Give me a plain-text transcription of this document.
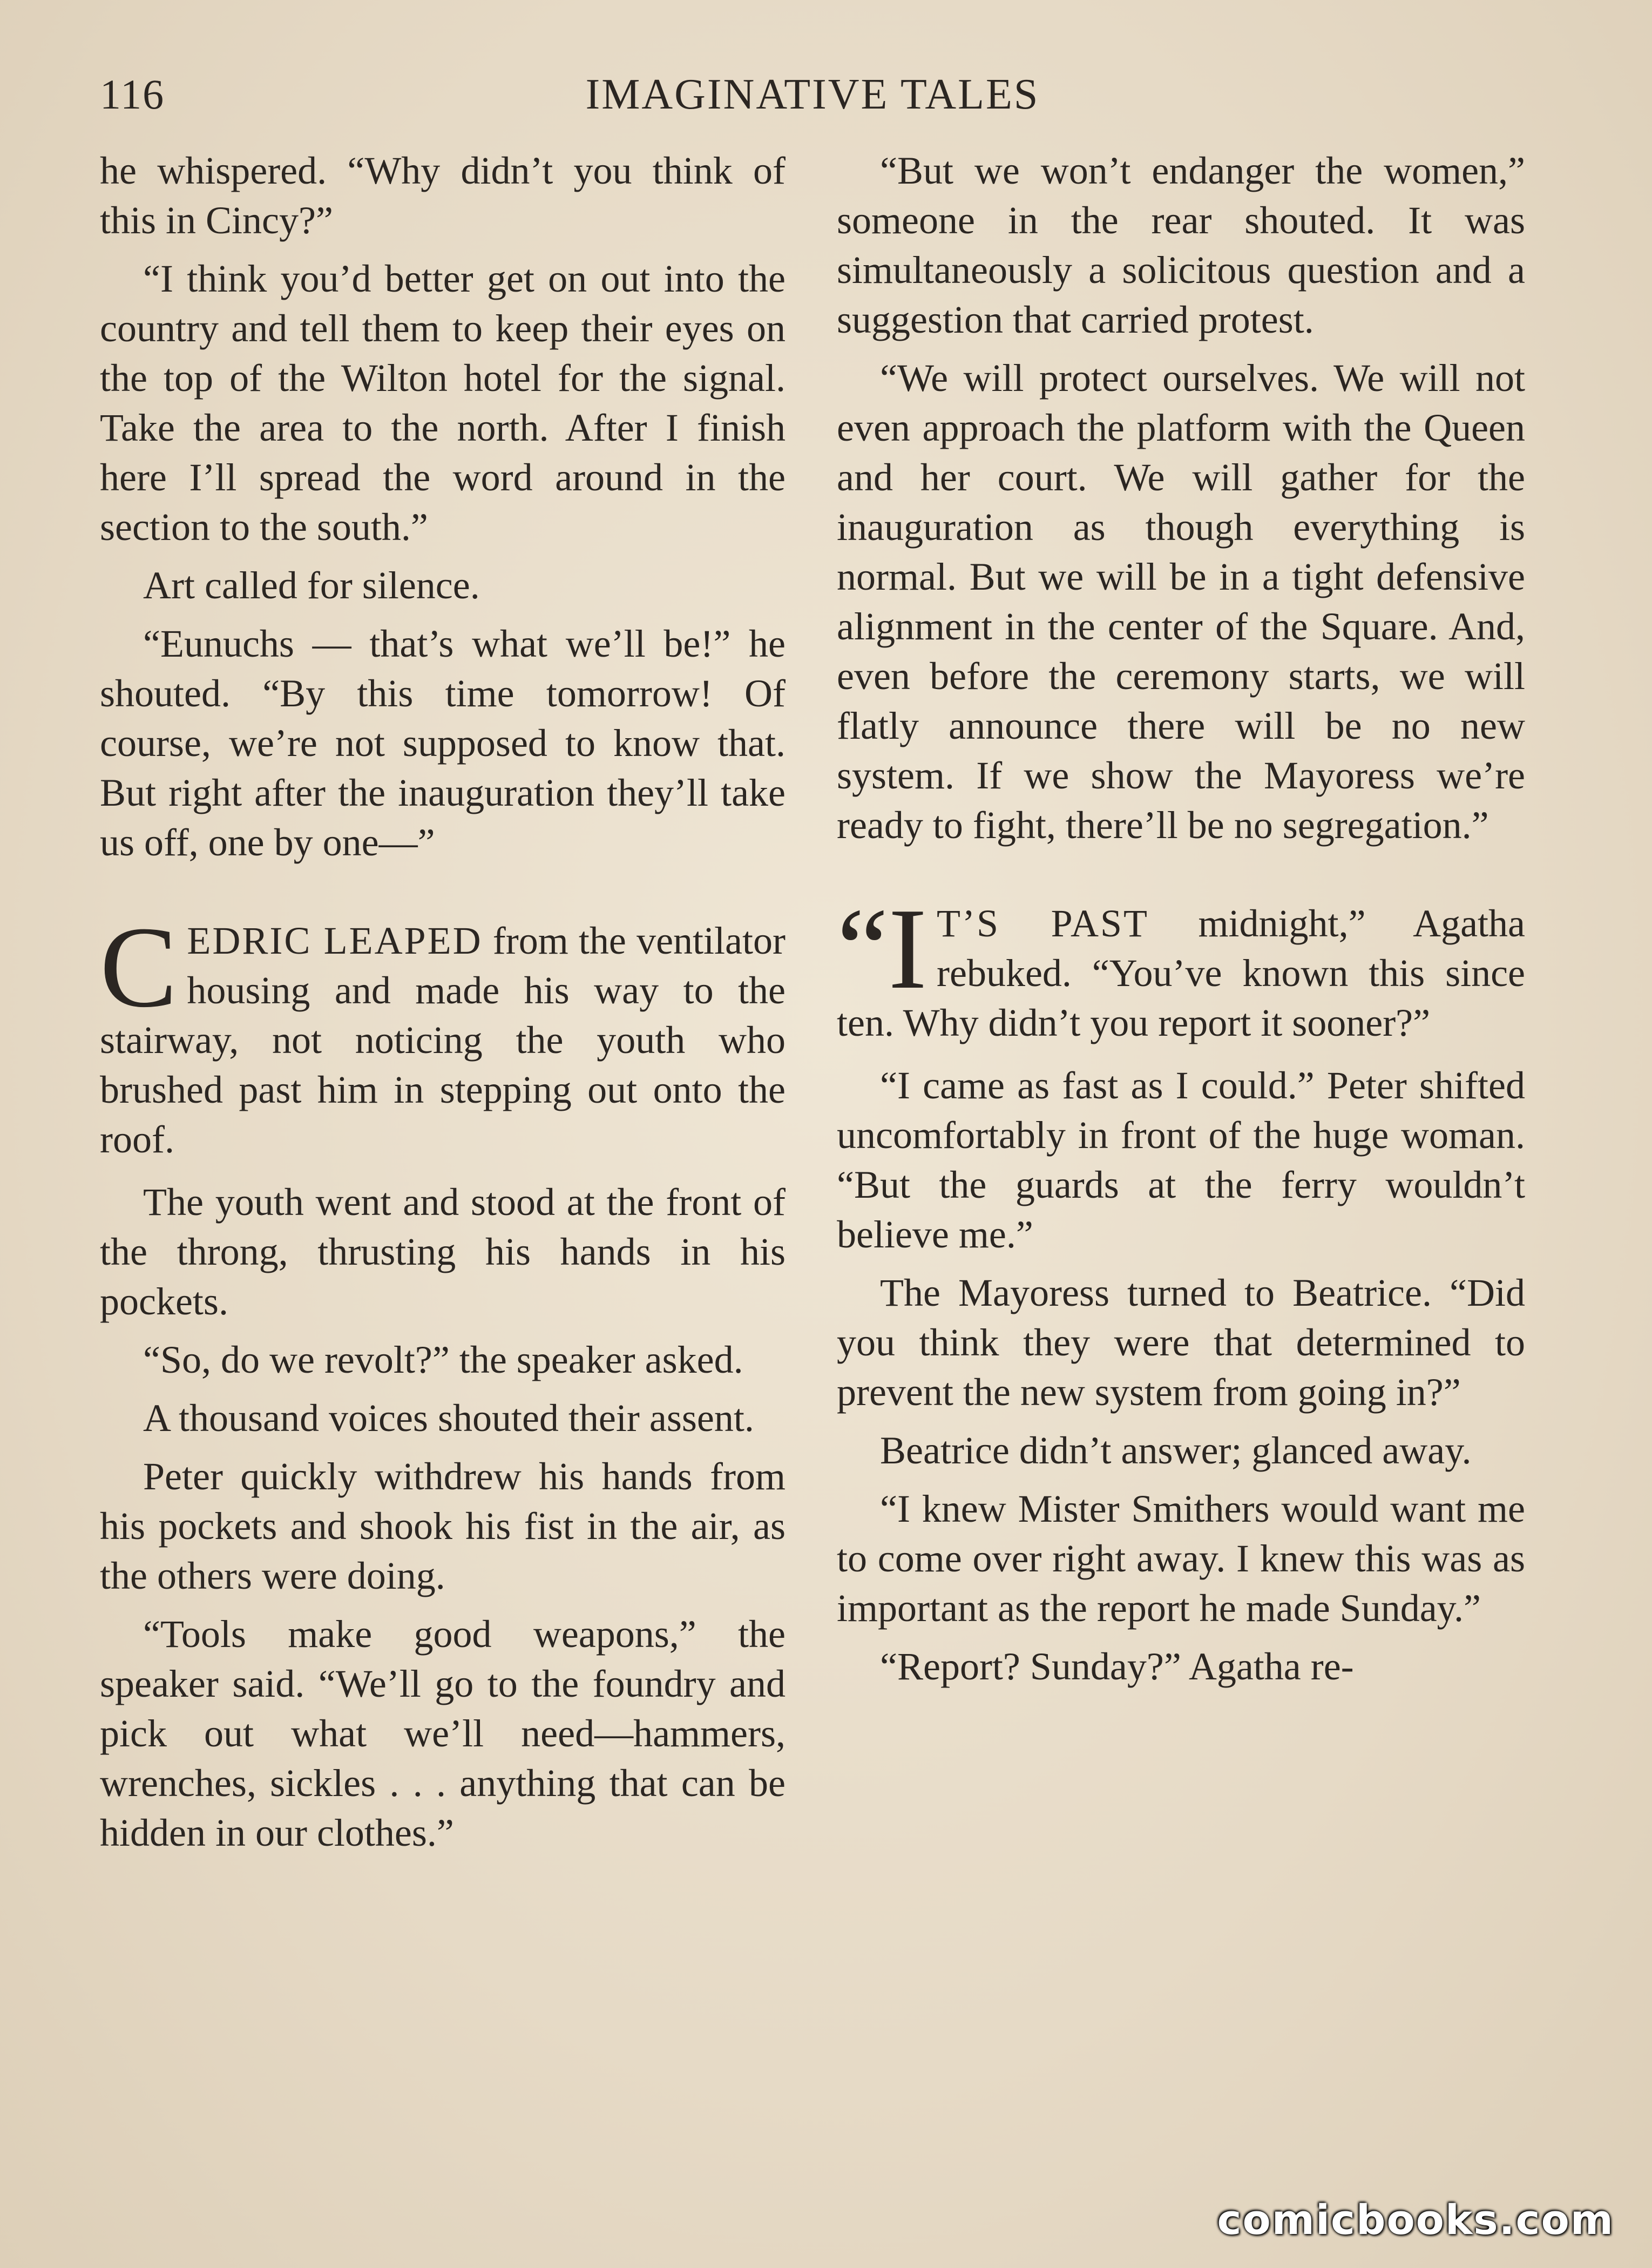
116	IMAGINATIVE TALES

he whispered. “Why didn’t you think of this in Cincy?”

“I think you’d better get on out into the country and tell them to keep their eyes on the top of the Wilton hotel for the signal. Take the area to the north. After I finish here I’ll spread the word around in the section to the south.”

Art called for silence.

“Eunuchs — that’s what we’ll be!” he shouted. “By this time tomorrow! Of course, we’re not supposed to know that. But right after the inauguration they’ll take us off, one by one—”

C EDRIC LEAPED from the ventilator housing and made his way to the stairway, not noticing the youth who brushed past him in stepping out onto the roof.

The youth went and stood at the front of the throng, thrusting his hands in his pockets.

“So, do we revolt?” the speaker asked.

A thousand voices shouted their assent.

Peter quickly withdrew his hands from his pockets and shook his fist in the air, as the others were doing.

“Tools make good weapons,” the speaker said. “We’ll go to the foundry and pick out what we’ll need—hammers, wrenches, sickles . . . anything that can be hidden in our clothes.”

“But we won’t endanger the women,” someone in the rear shouted. It was simultaneously a solicitous question and a suggestion that carried protest.

“We will protect ourselves. We will not even approach the platform with the Queen and her court. We will gather for the inauguration as though everything is normal. But we will be in a tight defensive alignment in the center of the Square. And, even before the ceremony starts, we will flatly announce there will be no new system. If we show the Mayoress we’re ready to fight, there’ll be no segregation.”

“I T’S PAST midnight,” Agatha rebuked. “You’ve known this since ten. Why didn’t you report it sooner?”

“I came as fast as I could.” Peter shifted uncomfortably in front of the huge woman. “But the guards at the ferry wouldn’t believe me.”

The Mayoress turned to Beatrice. “Did you think they were that determined to prevent the new system from going in?”

Beatrice didn’t answer; glanced away.

“I knew Mister Smithers would want me to come over right away. I knew this was as important as the report he made Sunday.”

“Report? Sunday?” Agatha re-

comicbooks.com
